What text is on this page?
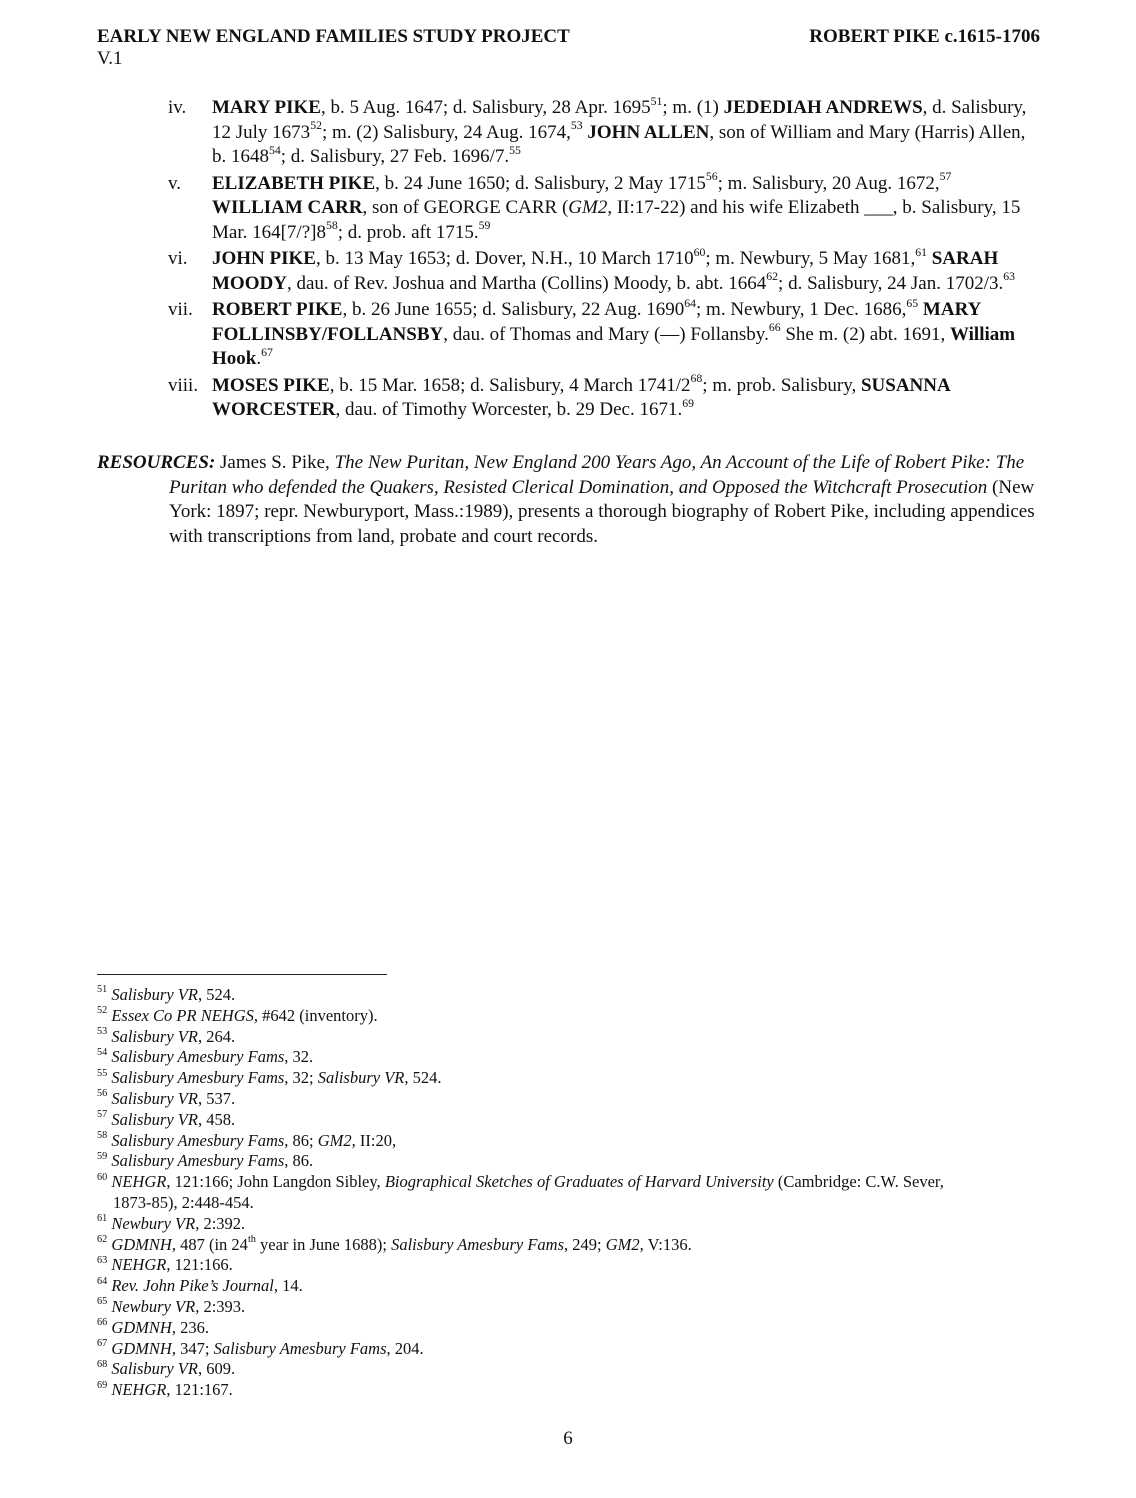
EARLY NEW ENGLAND FAMILIES STUDY PROJECT
V.1
ROBERT PIKE c.1615-1706
iv.	MARY PIKE, b. 5 Aug. 1647; d. Salisbury, 28 Apr. 1695$^{51}$; m. (1) JEDEDIAH ANDREWS, d. Salisbury, 12 July 1673$^{52}$; m. (2) Salisbury, 24 Aug. 1674,53 JOHN ALLEN, son of William and Mary (Harris) Allen, b. 1648$^{54}$; d. Salisbury, 27 Feb. 1696/7.55
v.	ELIZABETH PIKE, b. 24 June 1650; d. Salisbury, 2 May 1715$^{56}$; m. Salisbury, 20 Aug. 1672,57 WILLIAM CARR, son of GEORGE CARR (GM2, II:17-22) and his wife Elizabeth ___, b. Salisbury, 15 Mar. $164[7/?]8^{58}$; d. prob. aft 1715.59
vi.	JOHN PIKE, b. 13 May 1653; d. Dover, N.H., 10 March 1710$^{60}$; m. Newbury, 5 May 1681,61 SARAH MOODY, dau. of Rev. Joshua and Martha (Collins) Moody, b. abt. 1664$^{62}$; d. Salisbury, 24 Jan. 1702/3.63
vii.	ROBERT PIKE, b. 26 June 1655; d. Salisbury, 22 Aug. 1690$^{64}$; m. Newbury, 1 Dec. 1686,65 MARY FOLLINSBY/FOLLANSBY, dau. of Thomas and Mary (—) Follansby.$^{66}$ She m. (2) abt. 1691, William Hook.$^{67}$
viii. MOSES PIKE, b. 15 Mar. 1658; d. Salisbury, 4 March $1741/2^{68}$; m. prob. Salisbury, SUSANNA WORCESTER, dau. of Timothy Worcester, b. 29 Dec. 1671.69
RESOURCES: James S. Pike, The New Puritan, New England 200 Years Ago, An Account of the Life of Robert Pike: The Puritan who defended the Quakers, Resisted Clerical Domination, and Opposed the Witchcraft Prosecution (New York: 1897; repr. Newburyport, Mass.:1989), presents a thorough biography of Robert Pike, including appendices with transcriptions from land, probate and court records.
$^{51}$ Salisbury VR, 524.
$^{52}$ Essex Co PR NEHGS, #642 (inventory).
$^{53}$ Salisbury VR, 264.
$^{54}$ Salisbury Amesbury Fams, 32.
$^{55}$ Salisbury Amesbury Fams, 32; Salisbury VR, 524.
$^{56}$ Salisbury VR, 537.
$^{57}$ Salisbury VR, 458.
$^{58}$ Salisbury Amesbury Fams, 86; GM2, II:20,
$^{59}$ Salisbury Amesbury Fams, 86.
$^{60}$ NEHGR, 121:166; John Langdon Sibley, Biographical Sketches of Graduates of Harvard University (Cambridge: C.W. Sever,
1873-85), 2:448-454.
$^{61}$ Newbury VR, 2:392.
$^{62}$ GDMNH, 487 (in 24th year in June 1688); Salisbury Amesbury Fams, 249; GM2, V:136.
$^{63}$ NEHGR, 121:166.
$^{64}$ Rev. John Pike’s Journal, 14.
$^{65}$ Newbury VR, 2:393.
$^{66}$ GDMNH, 236.
$^{67}$ GDMNH, 347; Salisbury Amesbury Fams, 204.
$^{68}$ Salisbury VR, 609.
$^{69}$ NEHGR, 121:167.
6
